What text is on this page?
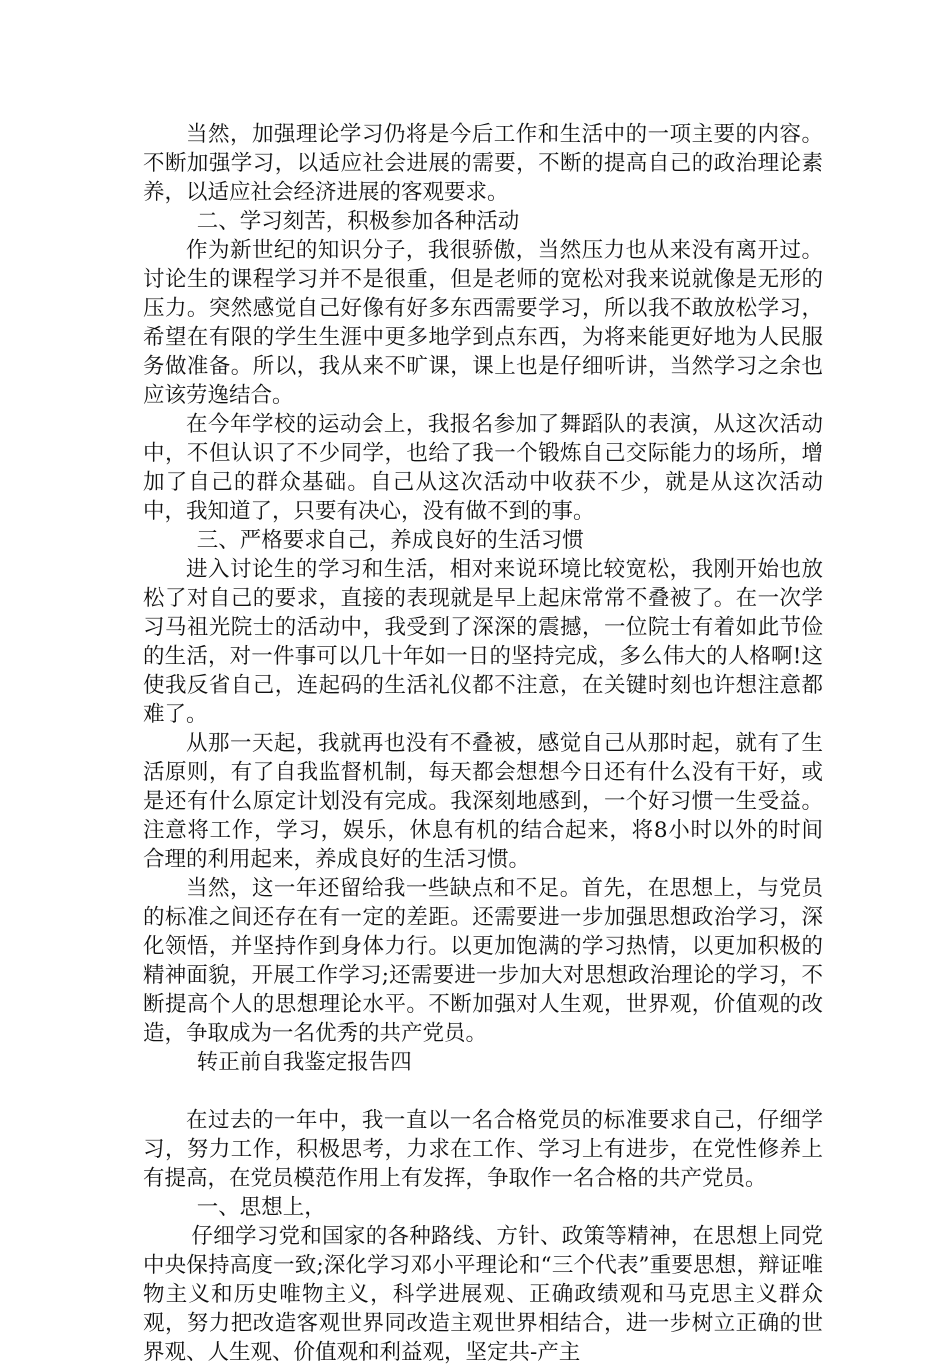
当然，加强理论学习仍将是今后工作和生活中的一项主要的内容。不断加强学习，以适应社会进展的需要，不断的提高自己的政治理论素养，以适应社会经济进展的客观要求。

二、学习刻苦，积极参加各种活动

作为新世纪的知识分子，我很骄傲，当然压力也从来没有离开过。讨论生的课程学习并不是很重，但是老师的宽松对我来说就像是无形的压力。突然感觉自己好像有好多东西需要学习，所以我不敢放松学习，希望在有限的学生生涯中更多地学到点东西，为将来能更好地为人民服务做准备。所以，我从来不旷课，课上也是仔细听讲，当然学习之余也应该劳逸结合。

在今年学校的运动会上，我报名参加了舞蹈队的表演，从这次活动中，不但认识了不少同学，也给了我一个锻炼自己交际能力的场所，增加了自己的群众基础。自己从这次活动中收获不少，就是从这次活动中，我知道了，只要有决心，没有做不到的事。

三、严格要求自己，养成良好的生活习惯

进入讨论生的学习和生活，相对来说环境比较宽松，我刚开始也放松了对自己的要求，直接的表现就是早上起床常常不叠被了。在一次学习马祖光院士的活动中，我受到了深深的震撼，一位院士有着如此节俭的生活，对一件事可以几十年如一日的坚持完成，多么伟大的人格啊!这使我反省自己，连起码的生活礼仪都不注意，在关键时刻也许想注意都难了。

从那一天起，我就再也没有不叠被，感觉自己从那时起，就有了生活原则，有了自我监督机制，每天都会想想今日还有什么没有干好，或是还有什么原定计划没有完成。我深刻地感到，一个好习惯一生受益。注意将工作，学习，娱乐，休息有机的结合起来，将8小时以外的时间合理的利用起来，养成良好的生活习惯。

当然，这一年还留给我一些缺点和不足。首先，在思想上，与党员的标准之间还存在有一定的差距。还需要进一步加强思想政治学习，深化领悟，并坚持作到身体力行。以更加饱满的学习热情，以更加积极的精神面貌，开展工作学习;还需要进一步加大对思想政治理论的学习，不断提高个人的思想理论水平。不断加强对人生观，世界观，价值观的改造，争取成为一名优秀的共产党员。

转正前自我鉴定报告四

在过去的一年中，我一直以一名合格党员的标准要求自己，仔细学习，努力工作，积极思考，力求在工作、学习上有进步，在党性修养上有提高，在党员模范作用上有发挥，争取作一名合格的共产党员。

一、思想上，

仔细学习党和国家的各种路线、方针、政策等精神，在思想上同党中央保持高度一致;深化学习邓小平理论和“三个代表”重要思想，辩证唯物主义和历史唯物主义，科学进展观、正确政绩观和马克思主义群众观，努力把改造客观世界同改造主观世界相结合，进一步树立正确的世界观、人生观、价值观和利益观，坚定共-产主
